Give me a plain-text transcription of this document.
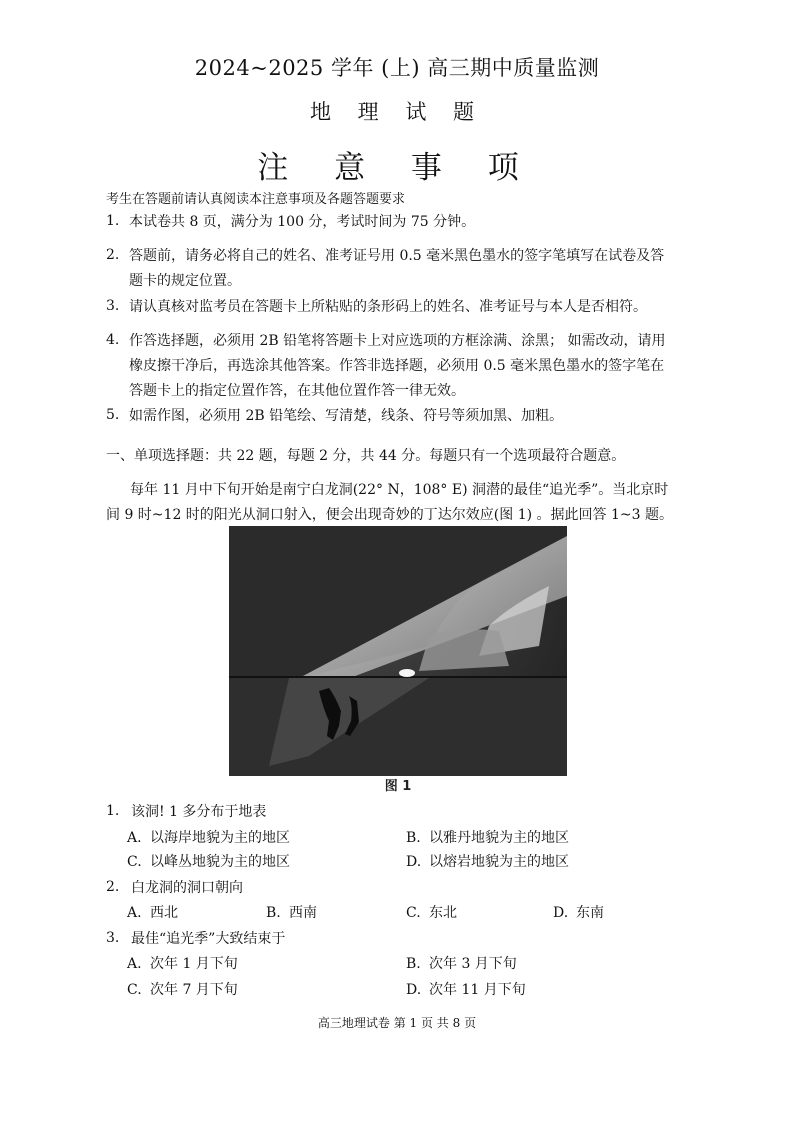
2024~2025 学年 (上) 高三期中质量监测
地 理 试 题
注 意 事 项
考生在答题前请认真阅读本注意事项及各题答题要求
1. 本试卷共 8 页，满分为 100 分，考试时间为 75 分钟。
2. 答题前，请务必将自己的姓名、准考证号用 0.5 毫米黑色墨水的签字笔填写在试卷及答
题卡的规定位置。
3. 请认真核对监考员在答题卡上所粘贴的条形码上的姓名、准考证号与本人是否相符。
4. 作答选择题，必须用 2B 铅笔将答题卡上对应选项的方框涂满、涂黑； 如需改动，请用
橡皮擦干净后，再选涂其他答案。作答非选择题，必须用 0.5 毫米黑色墨水的签字笔在
答题卡上的指定位置作答，在其他位置作答一律无效。
5. 如需作图，必须用 2B 铅笔绘、写清楚，线条、符号等须加黑、加粗。
一、单项选择题：共 22 题，每题 2 分，共 44 分。每题只有一个选项最符合题意。
每年 11 月中下旬开始是南宁白龙洞(22° N，108° E) 洞潜的最佳“追光季”。当北京时
间 9 时~12 时的阳光从洞口射入，便会出现奇妙的丁达尔效应(图 1) 。据此回答 1~3 题。
图 1
1. 该洞! 1 多分布于地表
A. 以海岸地貌为主的地区	B. 以雅丹地貌为主的地区
C. 以峰丛地貌为主的地区	D. 以熔岩地貌为主的地区
2. 白龙洞的洞口朝向
A. 西北	B. 西南	C. 东北	D. 东南
3. 最佳“追光季”大致结束于
A. 次年 1 月下旬	B. 次年 3 月下旬
C. 次年 7 月下旬	D. 次年 11 月下旬
高三地理试卷 第 1 页 共 8 页
